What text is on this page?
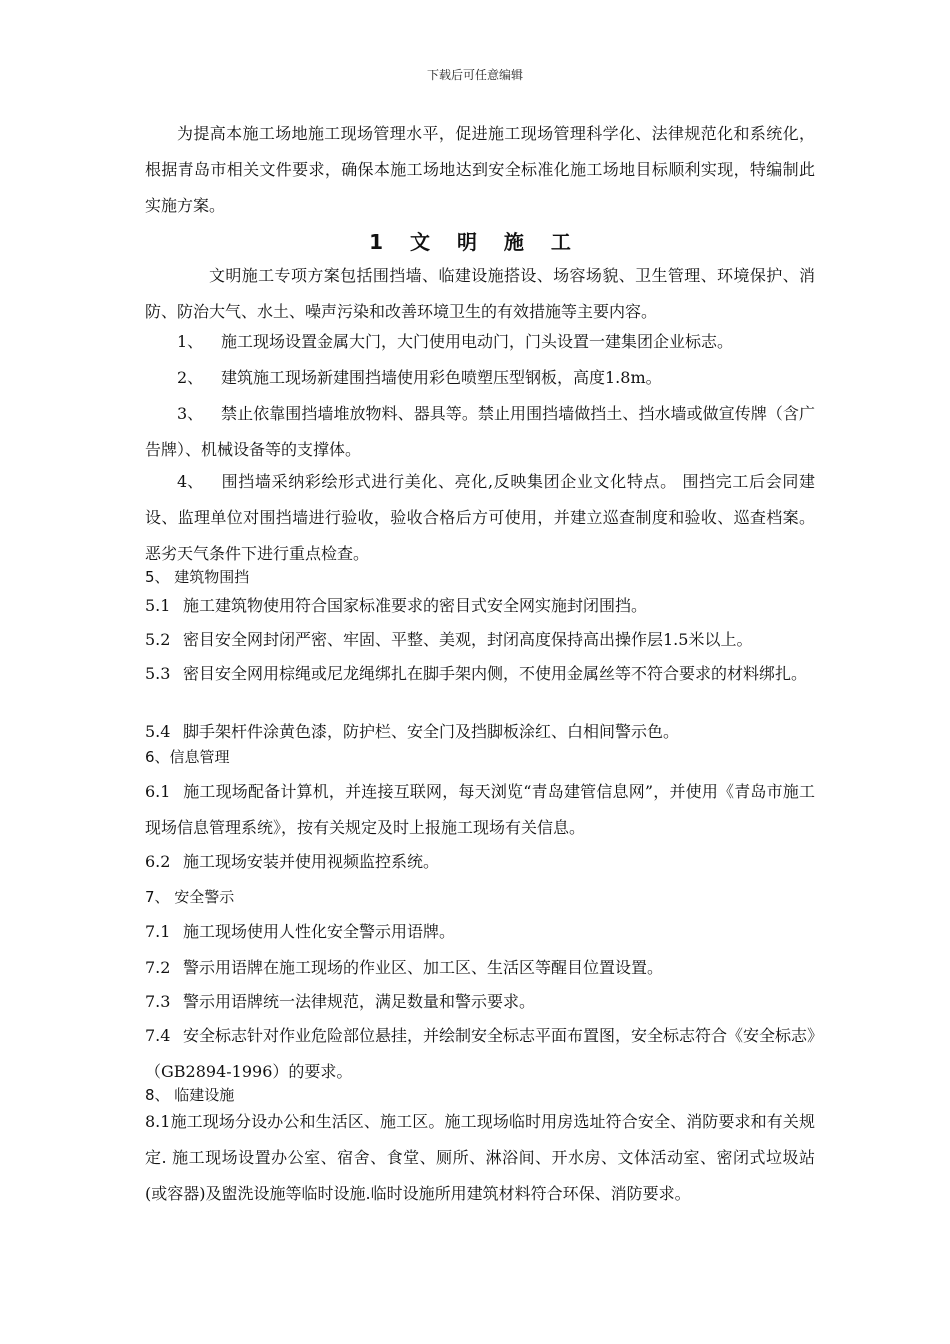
下载后可任意编辑

为提高本施工场地施工现场管理水平，促进施工现场管理科学化、法律规范化和系统化，根据青岛市相关文件要求，确保本施工场地达到安全标准化施工场地目标顺利实现，特编制此实施方案。

1 文 明 施 工

文明施工专项方案包括围挡墙、临建设施搭设、场容场貌、卫生管理、环境保护、消防、防治大气、水土、噪声污染和改善环境卫生的有效措施等主要内容。

1、 施工现场设置金属大门，大门使用电动门，门头设置一建集团企业标志。

2、 建筑施工现场新建围挡墙使用彩色喷塑压型钢板，高度1.8m。

3、 禁止依靠围挡墙堆放物料、器具等。禁止用围挡墙做挡土、挡水墙或做宣传牌（含广告牌）、机械设备等的支撑体。

4、 围挡墙采纳彩绘形式进行美化、亮化,反映集团企业文化特点。 围挡完工后会同建设、监理单位对围挡墙进行验收，验收合格后方可使用，并建立巡查制度和验收、巡查档案。恶劣天气条件下进行重点检查。

5、 建筑物围挡

5.1 施工建筑物使用符合国家标准要求的密目式安全网实施封闭围挡。

5.2 密目安全网封闭严密、牢固、平整、美观，封闭高度保持高出操作层1.5米以上。

5.3 密目安全网用棕绳或尼龙绳绑扎在脚手架内侧，不使用金属丝等不符合要求的材料绑扎。

5.4 脚手架杆件涂黄色漆，防护栏、安全门及挡脚板涂红、白相间警示色。

6、信息管理

6.1 施工现场配备计算机，并连接互联网，每天浏览“青岛建管信息网”，并使用《青岛市施工现场信息管理系统》，按有关规定及时上报施工现场有关信息。

6.2 施工现场安装并使用视频监控系统。

7、 安全警示

7.1 施工现场使用人性化安全警示用语牌。

7.2 警示用语牌在施工现场的作业区、加工区、生活区等醒目位置设置。

7.3 警示用语牌统一法律规范，满足数量和警示要求。

7.4 安全标志针对作业危险部位悬挂，并绘制安全标志平面布置图，安全标志符合《安全标志》（GB2894-1996）的要求。

8、 临建设施

8.1施工现场分设办公和生活区、施工区。施工现场临时用房选址符合安全、消防要求和有关规定. 施工现场设置办公室、宿舍、食堂、厕所、淋浴间、开水房、文体活动室、密闭式垃圾站(或容器)及盥洗设施等临时设施.临时设施所用建筑材料符合环保、消防要求。
